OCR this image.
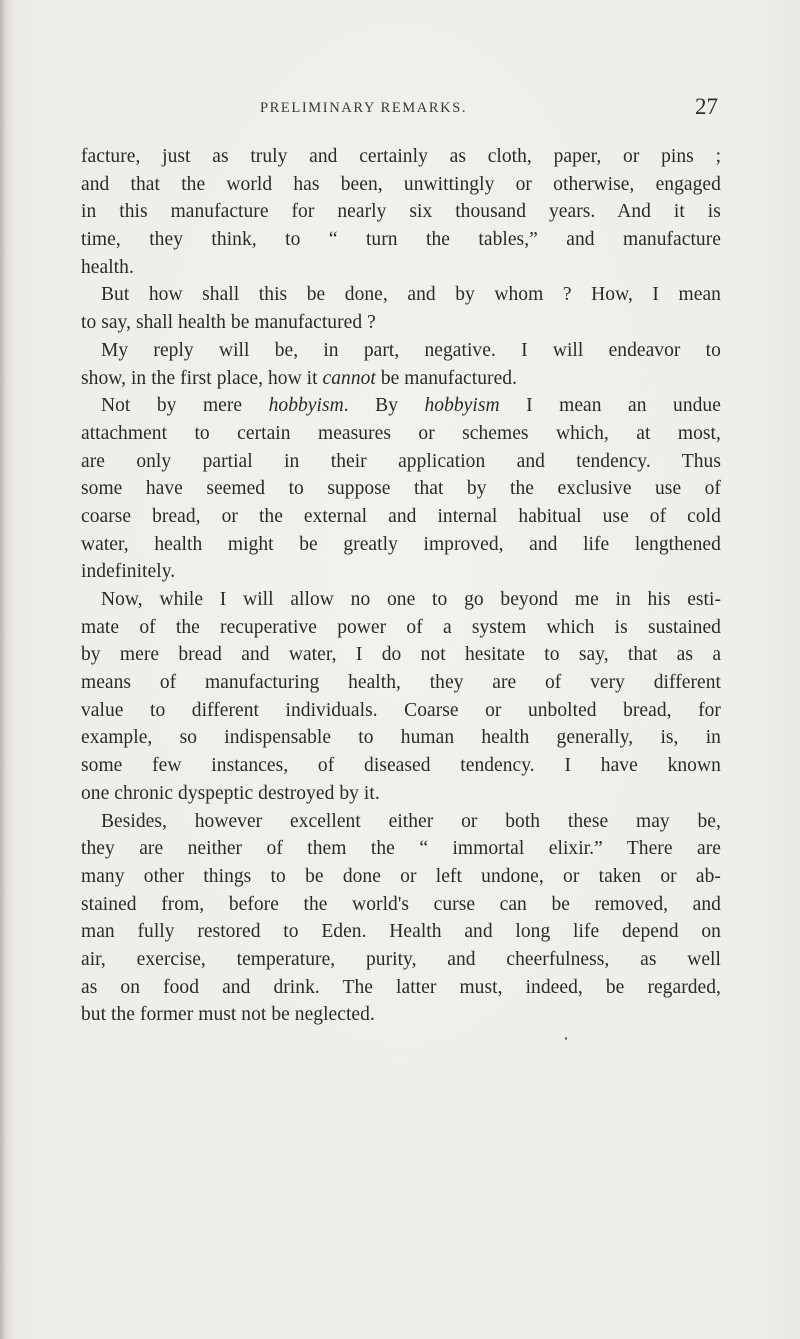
PRELIMINARY REMARKS.	27
facture, just as truly and certainly as cloth, paper, or pins ;
and that the world has been, unwittingly or otherwise, engaged
in this manufacture for nearly six thousand years. And it is
time, they think, to “ turn the tables,” and manufacture
health.
But how shall this be done, and by whom ? How, I mean
to say, shall health be manufactured ?
My reply will be, in part, negative. I will endeavor to
show, in the first place, how it cannot be manufactured.
Not by mere hobbyism. By hobbyism I mean an undue
attachment to certain measures or schemes which, at most,
are only partial in their application and tendency. Thus
some have seemed to suppose that by the exclusive use of
coarse bread, or the external and internal habitual use of cold
water, health might be greatly improved, and life lengthened
indefinitely.
Now, while I will allow no one to go beyond me in his esti-
mate of the recuperative power of a system which is sustained
by mere bread and water, I do not hesitate to say, that as a
means of manufacturing health, they are of very different
value to different individuals. Coarse or unbolted bread, for
example, so indispensable to human health generally, is, in
some few instances, of diseased tendency. I have known
one chronic dyspeptic destroyed by it.
Besides, however excellent either or both these may be,
they are neither of them the “ immortal elixir.” There are
many other things to be done or left undone, or taken or ab-
stained from, before the world's curse can be removed, and
man fully restored to Eden. Health and long life depend on
air, exercise, temperature, purity, and cheerfulness, as well
as on food and drink. The latter must, indeed, be regarded,
but the former must not be neglected.
